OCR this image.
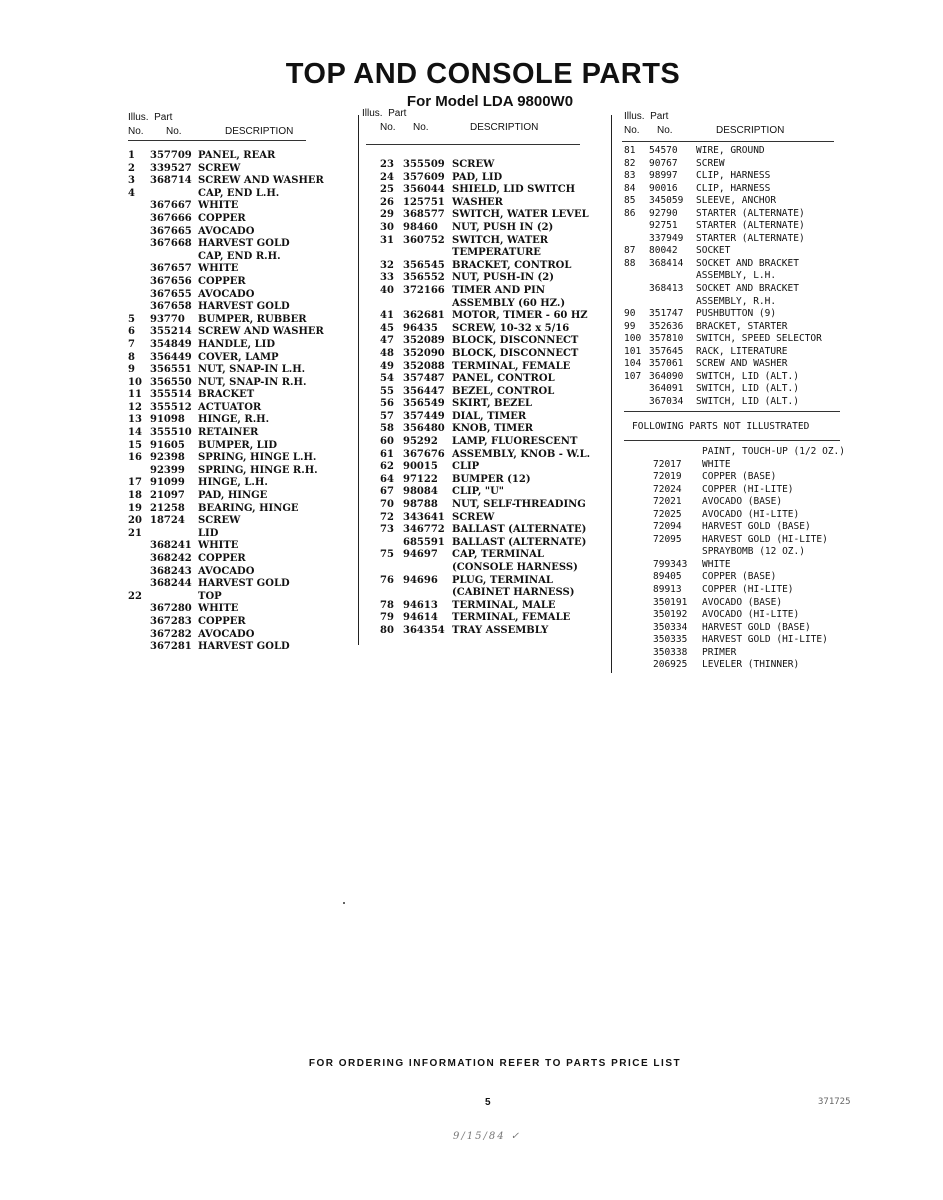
TOP AND CONSOLE PARTS
For Model LDA 9800W0
Illus. Part
No. No.	DESCRIPTION
1 357709 PANEL, REAR
2 339527 SCREW
3 368714 SCREW AND WASHER
4	CAP, END L.H.
367667 WHITE
367666 COPPER
367665 AVOCADO
367668 HARVEST GOLD
CAP, END R.H.
367657 WHITE
367656 COPPER
367655 AVOCADO
367658 HARVEST GOLD
5 93770 BUMPER, RUBBER
6 355214 SCREW AND WASHER
7 354849 HANDLE, LID
8 356449 COVER, LAMP
9 356551 NUT, SNAP-IN L.H.
10 356550 NUT, SNAP-IN R.H.
11 355514 BRACKET
12 355512 ACTUATOR
13 91098 HINGE, R.H.
14 355510 RETAINER
15 91605 BUMPER, LID
16 92398 SPRING, HINGE L.H.
92399 SPRING, HINGE R.H.
17 91099 HINGE, L.H.
18 21097 PAD, HINGE
19 21258 BEARING, HINGE
20 18724 SCREW
21	LID
368241 WHITE
368242 COPPER
368243 AVOCADO
368244 HARVEST GOLD
22	TOP
367280 WHITE
367283 COPPER
367282 AVOCADO
367281 HARVEST GOLD
Illus. Part
No. No.	DESCRIPTION
23 355509 SCREW
24 357609 PAD, LID
25 356044 SHIELD, LID SWITCH
26 125751 WASHER
29 368577 SWITCH, WATER LEVEL
30 98460 NUT, PUSH IN (2)
31 360752 SWITCH, WATER
TEMPERATURE
32 356545 BRACKET, CONTROL
33 356552 NUT, PUSH-IN (2)
40 372166 TIMER AND PIN
ASSEMBLY (60 HZ.)
41 362681 MOTOR, TIMER - 60 HZ
45 96435 SCREW, 10-32 x 5/16
47 352089 BLOCK, DISCONNECT
48 352090 BLOCK, DISCONNECT
49 352088 TERMINAL, FEMALE
54 357487 PANEL, CONTROL
55 356447 BEZEL, CONTROL
56 356549 SKIRT, BEZEL
57 357449 DIAL, TIMER
58 356480 KNOB, TIMER
60 95292 LAMP, FLUORESCENT
61 367676 ASSEMBLY, KNOB - W.L.
62 90015 CLIP
64 97122 BUMPER (12)
67 98084 CLIP, "U"
70 98788 NUT, SELF-THREADING
72 343641 SCREW
73 346772 BALLAST (ALTERNATE)
685591 BALLAST (ALTERNATE)
75 94697 CAP, TERMINAL
(CONSOLE HARNESS)
76 94696 PLUG, TERMINAL
(CABINET HARNESS)
78 94613 TERMINAL, MALE
79 94614 TERMINAL, FEMALE
80 364354 TRAY ASSEMBLY
Illus. Part
No. No.	DESCRIPTION
81 54570 WIRE, GROUND
82 90767 SCREW
83 98997 CLIP, HARNESS
84 90016 CLIP, HARNESS
85 345059 SLEEVE, ANCHOR
86 92790 STARTER (ALTERNATE)
92751 STARTER (ALTERNATE)
337949 STARTER (ALTERNATE)
87 80042 SOCKET
88 368414 SOCKET AND BRACKET
ASSEMBLY, L.H.
368413 SOCKET AND BRACKET
ASSEMBLY, R.H.
90 351747 PUSHBUTTON (9)
99 352636 BRACKET, STARTER
100 357810 SWITCH, SPEED SELECTOR
101 357645 RACK, LITERATURE
104 357061 SCREW AND WASHER
107 364090 SWITCH, LID (ALT.)
364091 SWITCH, LID (ALT.)
367034 SWITCH, LID (ALT.)
FOLLOWING PARTS NOT ILLUSTRATED
PAINT, TOUCH-UP (1/2 OZ.)
72017 WHITE
72019 COPPER (BASE)
72024 COPPER (HI-LITE)
72021 AVOCADO (BASE)
72025 AVOCADO (HI-LITE)
72094 HARVEST GOLD (BASE)
72095 HARVEST GOLD (HI-LITE)
SPRAYBOMB (12 OZ.)
799343 WHITE
89405 COPPER (BASE)
89913 COPPER (HI-LITE)
350191 AVOCADO (BASE)
350192 AVOCADO (HI-LITE)
350334 HARVEST GOLD (BASE)
350335 HARVEST GOLD (HI-LITE)
350338 PRIMER
206925 LEVELER (THINNER)
FOR ORDERING INFORMATION REFER TO PARTS PRICE LIST
5	371725
9/15/84 ✓
